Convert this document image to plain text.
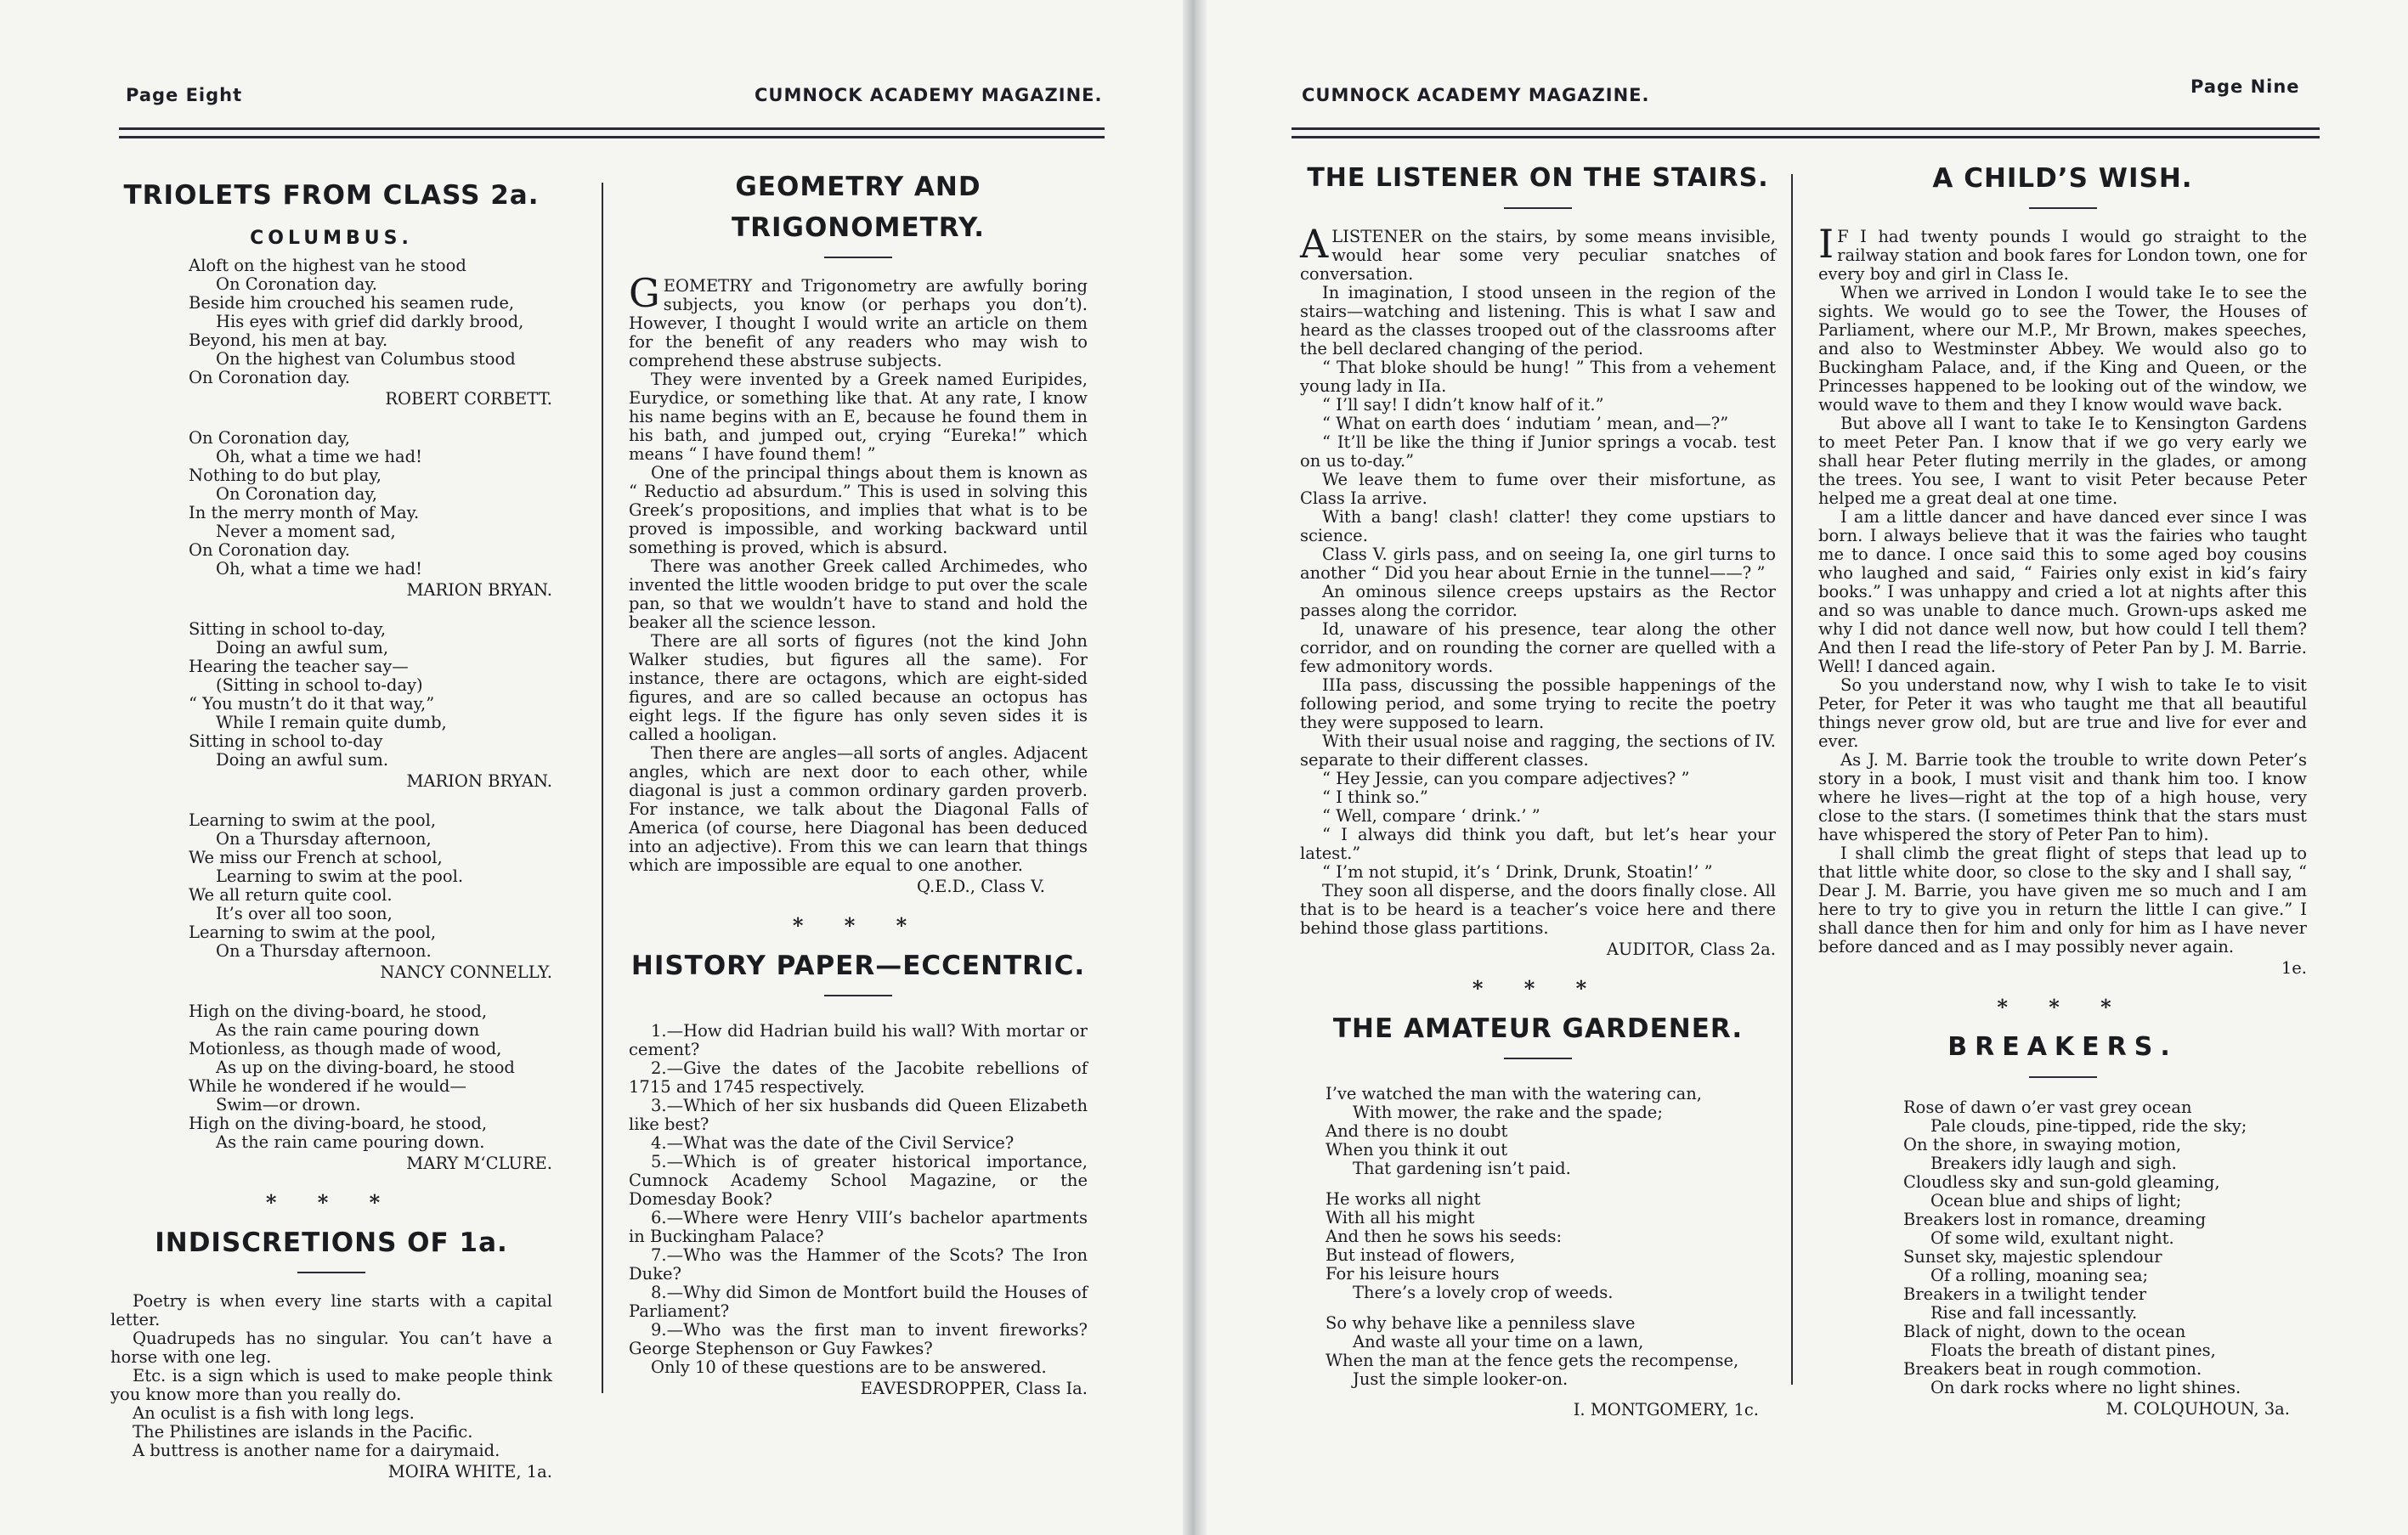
Page Eight	CUMNOCK ACADEMY MAGAZINE.
TRIOLETS FROM CLASS 2a.
COLUMBUS.
Aloft on the highest van he stood
On Coronation day.
Beside him crouched his seamen rude,
His eyes with grief did darkly brood,
Beyond, his men at bay.
On the highest van Columbus stood
On Coronation day.
ROBERT CORBETT.
On Coronation day,
Oh, what a time we had!
Nothing to do but play,
On Coronation day,
In the merry month of May.
Never a moment sad,
On Coronation day.
Oh, what a time we had!
MARION BRYAN.
Sitting in school to-day,
Doing an awful sum,
Hearing the teacher say—
(Sitting in school to-day)
“ You mustn’t do it that way,”
While I remain quite dumb,
Sitting in school to-day
Doing an awful sum.
MARION BRYAN.
Learning to swim at the pool,
On a Thursday afternoon,
We miss our French at school,
Learning to swim at the pool.
We all return quite cool.
It’s over all too soon,
Learning to swim at the pool,
On a Thursday afternoon.
NANCY CONNELLY.
High on the diving-board, he stood,
As the rain came pouring down
Motionless, as though made of wood,
As up on the diving-board, he stood
While he wondered if he would—
Swim—or drown.
High on the diving-board, he stood,
As the rain came pouring down.
MARY M‘CLURE.
* * *
INDISCRETIONS OF 1a.

Poetry is when every line starts with a capital letter.

Quadrupeds has no singular. You can’t have a horse with one leg.

Etc. is a sign which is used to make people think you know more than you really do.

An oculist is a fish with long legs.

The Philistines are islands in the Pacific.

A buttress is another name for a dairymaid.

MOIRA WHITE, 1a.
GEOMETRY AND
TRIGONOMETRY.

GEOMETRY and Trigonometry are awfully boring subjects, you know (or perhaps you don’t). However, I thought I would write an article on them for the benefit of any readers who may wish to comprehend these abstruse subjects.

They were invented by a Greek named Euripides, Eurydice, or something like that. At any rate, I know his name begins with an E, because he found them in his bath, and jumped out, crying “Eureka!” which means “ I have found them! ”

One of the principal things about them is known as “ Reductio ad absurdum.” This is used in solving this Greek’s propositions, and implies that what is to be proved is impossible, and working backward until something is proved, which is absurd.

There was another Greek called Archimedes, who invented the little wooden bridge to put over the scale pan, so that we wouldn’t have to stand and hold the beaker all the science lesson.

There are all sorts of figures (not the kind John Walker studies, but figures all the same). For instance, there are octagons, which are eight-sided figures, and are so called because an octopus has eight legs. If the figure has only seven sides it is called a hooligan.

Then there are angles—all sorts of angles. Adjacent angles, which are next door to each other, while diagonal is just a common ordinary garden proverb. For instance, we talk about the Diagonal Falls of America (of course, here Diagonal has been deduced into an adjective). From this we can learn that things which are impossible are equal to one another.

Q.E.D., Class V.
* * *
HISTORY PAPER—ECCENTRIC.

1.—How did Hadrian build his wall? With mortar or cement?

2.—Give the dates of the Jacobite rebellions of 1715 and 1745 respectively.

3.—Which of her six husbands did Queen Elizabeth like best?

4.—What was the date of the Civil Service?

5.—Which is of greater historical importance, Cumnock Academy School Magazine, or the Domesday Book?

6.—Where were Henry VIII’s bachelor apartments in Buckingham Palace?

7.—Who was the Hammer of the Scots? The Iron Duke?

8.—Why did Simon de Montfort build the Houses of Parliament?

9.—Who was the first man to invent fireworks? George Stephenson or Guy Fawkes?

Only 10 of these questions are to be answered.

EAVESDROPPER, Class Ia.
CUMNOCK ACADEMY MAGAZINE.	Page Nine
THE LISTENER ON THE STAIRS.

ALISTENER on the stairs, by some means invisible, would hear some very peculiar snatches of conversation.

In imagination, I stood unseen in the region of the stairs—watching and listening. This is what I saw and heard as the classes trooped out of the classrooms after the bell declared changing of the period.

“ That bloke should be hung! ” This from a vehement young lady in IIa.

“ I’ll say! I didn’t know half of it.”

“ What on earth does ‘ indutiam ’ mean, and—?”

“ It’ll be like the thing if Junior springs a vocab. test on us to-day.”

We leave them to fume over their misfortune, as Class Ia arrive.

With a bang! clash! clatter! they come upstiars to science.

Class V. girls pass, and on seeing Ia, one girl turns to another “ Did you hear about Ernie in the tunnel——? ”

An ominous silence creeps upstairs as the Rector passes along the corridor.

Id, unaware of his presence, tear along the other corridor, and on rounding the corner are quelled with a few admonitory words.

IIIa pass, discussing the possible happenings of the following period, and some trying to recite the poetry they were supposed to learn.

With their usual noise and ragging, the sections of IV. separate to their different classes.

“ Hey Jessie, can you compare adjectives? ”

“ I think so.”

“ Well, compare ‘ drink.’ ”

“ I always did think you daft, but let’s hear your latest.”

“ I’m not stupid, it’s ‘ Drink, Drunk, Stoatin!’ ”

They soon all disperse, and the doors finally close. All that is to be heard is a teacher’s voice here and there behind those glass partitions.

AUDITOR, Class 2a.
* * *
THE AMATEUR GARDENER.
I’ve watched the man with the watering can,
With mower, the rake and the spade;
And there is no doubt
When you think it out
That gardening isn’t paid.
He works all night
With all his might
And then he sows his seeds:
But instead of flowers,
For his leisure hours
There’s a lovely crop of weeds.
So why behave like a penniless slave
And waste all your time on a lawn,
When the man at the fence gets the recompense,
Just the simple looker-on.
I. MONTGOMERY, 1c.
A CHILD’S WISH.

IF I had twenty pounds I would go straight to the railway station and book fares for London town, one for every boy and girl in Class Ie.

When we arrived in London I would take Ie to see the sights. We would go to see the Tower, the Houses of Parliament, where our M.P., Mr Brown, makes speeches, and also to Westminster Abbey. We would also go to Buckingham Palace, and, if the King and Queen, or the Princesses happened to be looking out of the window, we would wave to them and they I know would wave back.

But above all I want to take Ie to Kensington Gardens to meet Peter Pan. I know that if we go very early we shall hear Peter fluting merrily in the glades, or among the trees. You see, I want to visit Peter because Peter helped me a great deal at one time.

I am a little dancer and have danced ever since I was born. I always believe that it was the fairies who taught me to dance. I once said this to some aged boy cousins who laughed and said, “ Fairies only exist in kid’s fairy books.” I was unhappy and cried a lot at nights after this and so was unable to dance much. Grown-ups asked me why I did not dance well now, but how could I tell them? And then I read the life-story of Peter Pan by J. M. Barrie. Well! I danced again.

So you understand now, why I wish to take Ie to visit Peter, for Peter it was who taught me that all beautiful things never grow old, but are true and live for ever and ever.

As J. M. Barrie took the trouble to write down Peter’s story in a book, I must visit and thank him too. I know where he lives—right at the top of a high house, very close to the stars. (I sometimes think that the stars must have whispered the story of Peter Pan to him).

I shall climb the great flight of steps that lead up to that little white door, so close to the sky and I shall say, “ Dear J. M. Barrie, you have given me so much and I am here to try to give you in return the little I can give.” I shall dance then for him and only for him as I have never before danced and as I may possibly never again.

1e.
* * *
BREAKERS.
Rose of dawn o’er vast grey ocean
Pale clouds, pine-tipped, ride the sky;
On the shore, in swaying motion,
Breakers idly laugh and sigh.
Cloudless sky and sun-gold gleaming,
Ocean blue and ships of light;
Breakers lost in romance, dreaming
Of some wild, exultant night.
Sunset sky, majestic splendour
Of a rolling, moaning sea;
Breakers in a twilight tender
Rise and fall incessantly.
Black of night, down to the ocean
Floats the breath of distant pines,
Breakers beat in rough commotion.
On dark rocks where no light shines.
M. COLQUHOUN, 3a.
